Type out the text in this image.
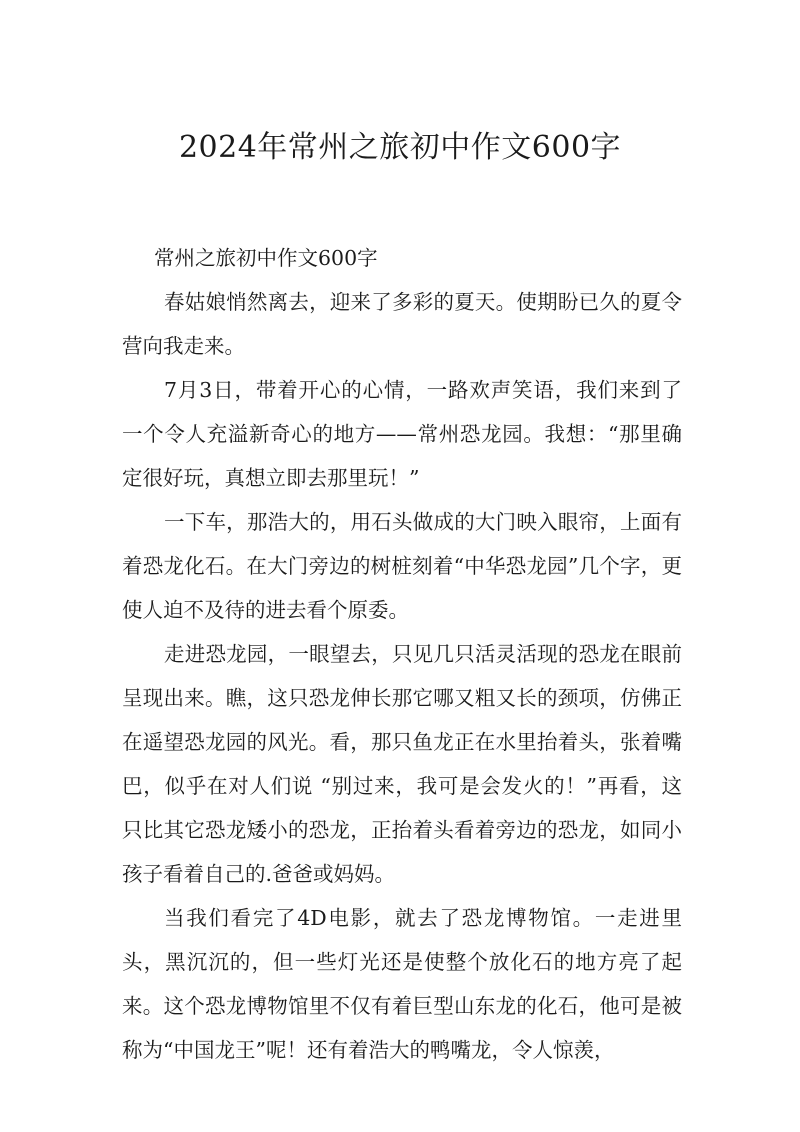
2024年常州之旅初中作文600字

常州之旅初中作文600字

春姑娘悄然离去，迎来了多彩的夏天。使期盼已久的夏令营向我走来。

7月3日，带着开心的心情，一路欢声笑语，我们来到了一个令人充溢新奇心的地方——常州恐龙园。我想：“那里确定很好玩，真想立即去那里玩！”

一下车，那浩大的，用石头做成的大门映入眼帘，上面有着恐龙化石。在大门旁边的树桩刻着“中华恐龙园”几个字，更使人迫不及待的进去看个原委。

走进恐龙园，一眼望去，只见几只活灵活现的恐龙在眼前呈现出来。瞧，这只恐龙伸长那它哪又粗又长的颈项，仿佛正在遥望恐龙园的风光。看，那只鱼龙正在水里抬着头，张着嘴巴，似乎在对人们说 “别过来，我可是会发火的！”再看，这只比其它恐龙矮小的恐龙，正抬着头看着旁边的恐龙，如同小孩子看着自己的.爸爸或妈妈。

当我们看完了4D电影，就去了恐龙博物馆。一走进里头，黑沉沉的，但一些灯光还是使整个放化石的地方亮了起来。这个恐龙博物馆里不仅有着巨型山东龙的化石，他可是被称为“中国龙王”呢！还有着浩大的鸭嘴龙，令人惊羡，
